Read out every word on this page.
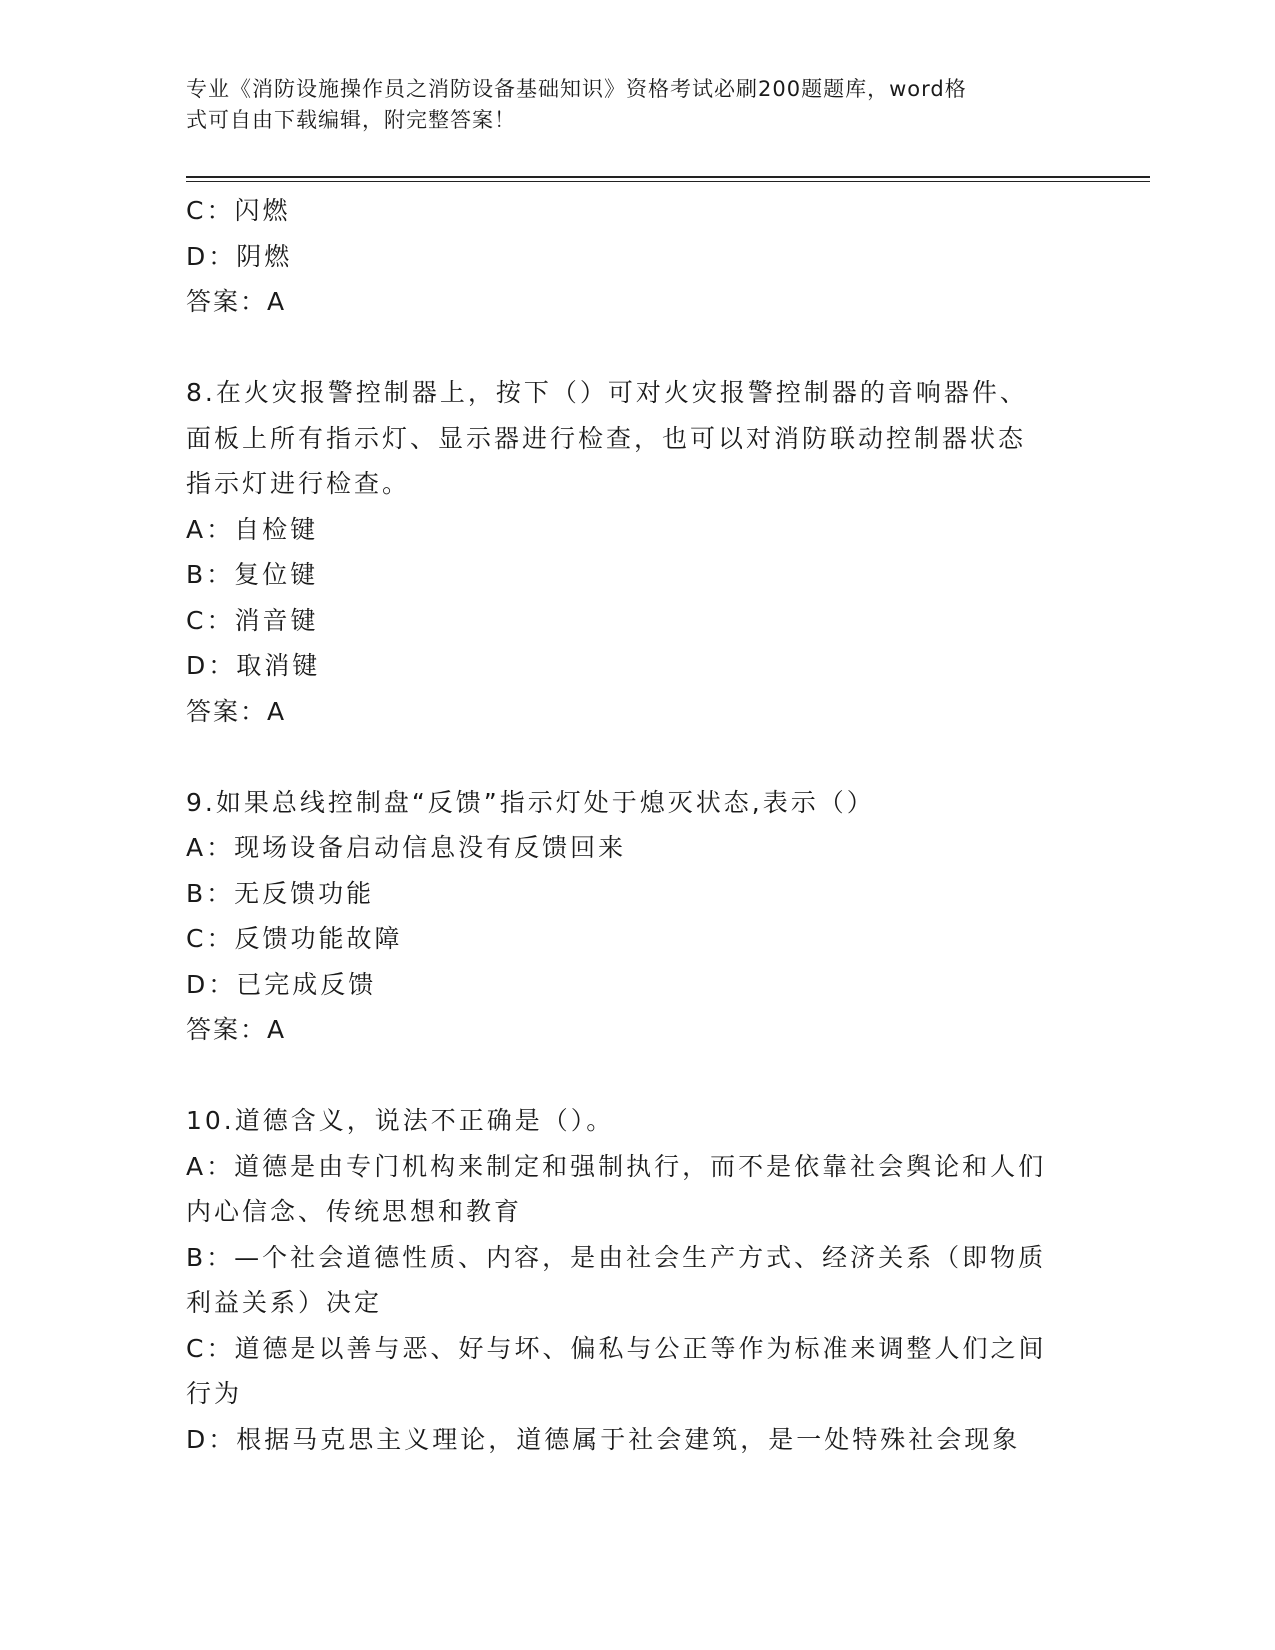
专业《消防设施操作员之消防设备基础知识》资格考试必刷200题题库，word格
式可自由下载编辑，附完整答案！
C：闪燃
D：阴燃
答案：A
8.在火灾报警控制器上，按下（）可对火灾报警控制器的音响器件、
面板上所有指示灯、显示器进行检查，也可以对消防联动控制器状态
指示灯进行检查。
A：自检键
B：复位键
C：消音键
D：取消键
答案：A
9.如果总线控制盘“反馈”指示灯处于熄灭状态,表示（）
A：现场设备启动信息没有反馈回来
B：无反馈功能
C：反馈功能故障
D：已完成反馈
答案：A
10.道德含义，说法不正确是（）。
A：道德是由专门机构来制定和强制执行，而不是依靠社会舆论和人们
内心信念、传统思想和教育
B：—个社会道德性质、内容，是由社会生产方式、经济关系（即物质
利益关系）决定
C：道德是以善与恶、好与坏、偏私与公正等作为标准来调整人们之间
行为
D：根据马克思主义理论，道德属于社会建筑，是一处特殊社会现象
